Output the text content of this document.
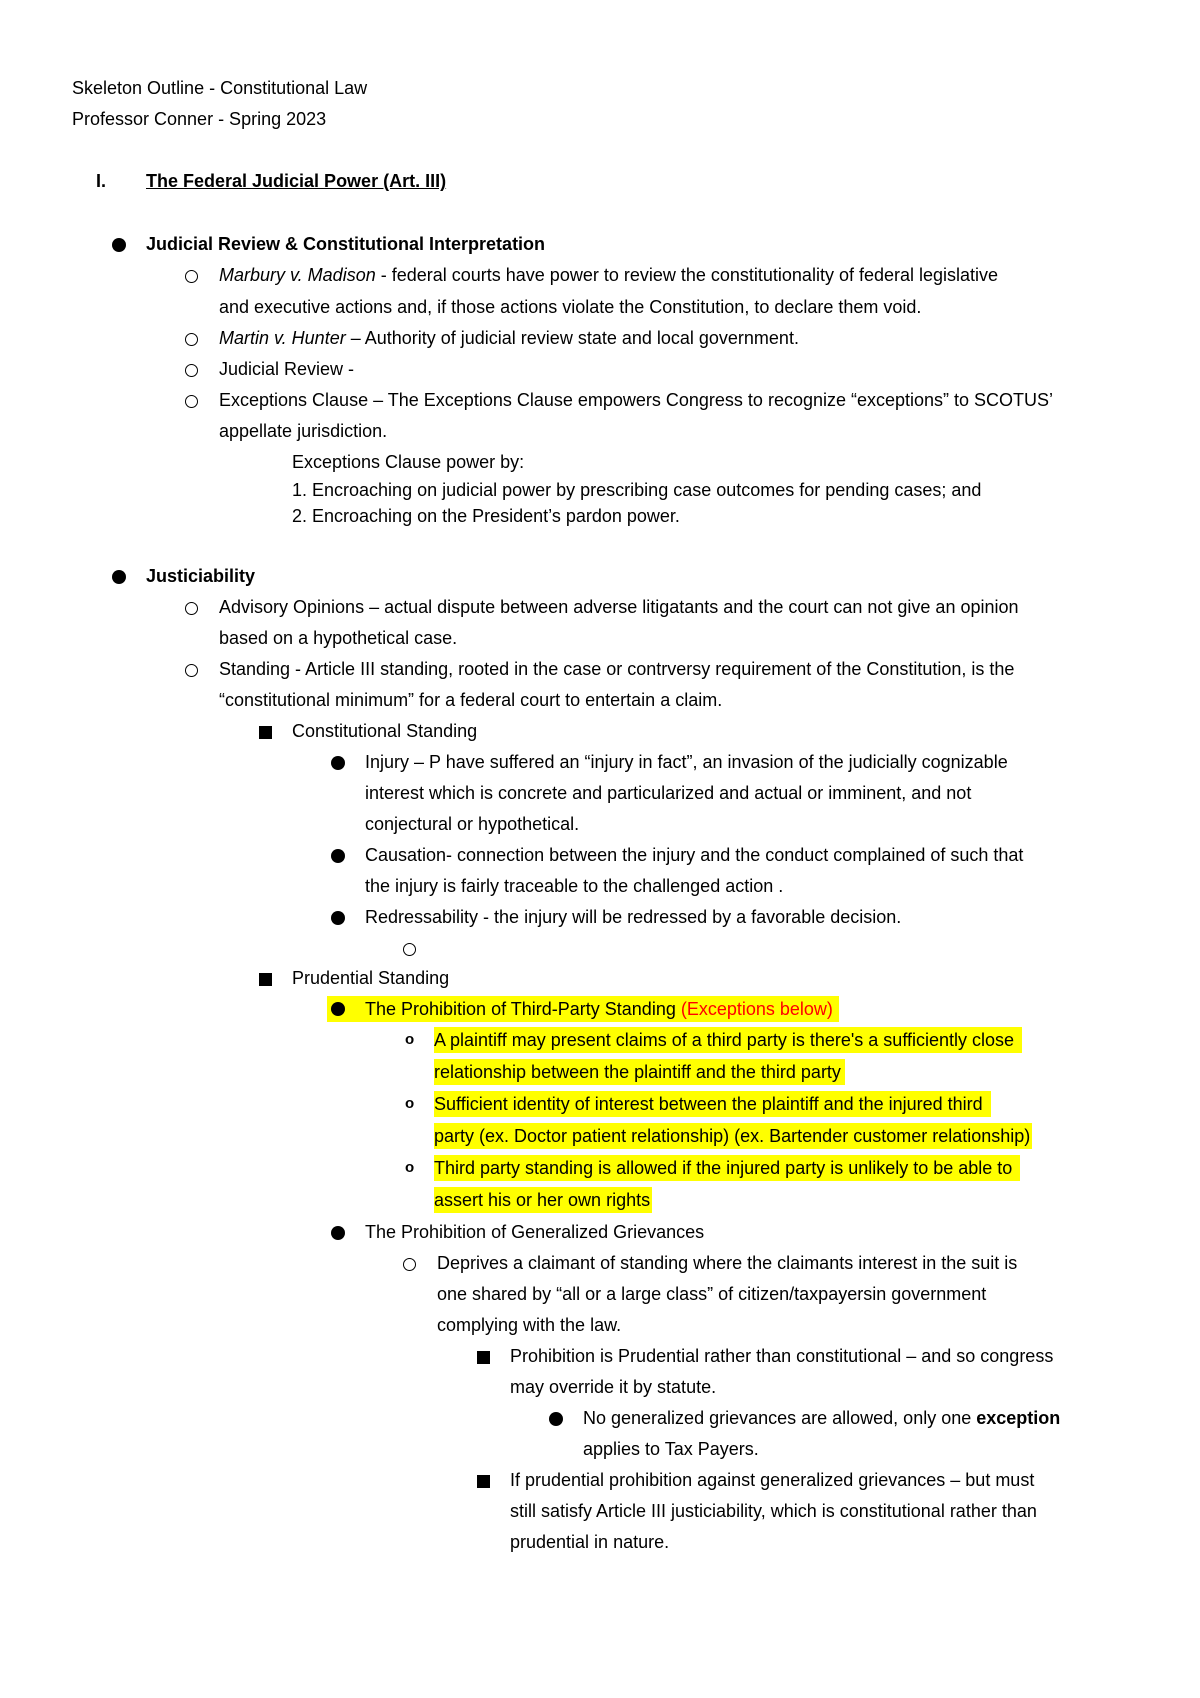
Skeleton Outline - Constitutional Law
Professor Conner - Spring 2023
I. The Federal Judicial Power (Art. III)
Judicial Review & Constitutional Interpretation
Marbury v. Madison - federal courts have power to review the constitutionality of federal legislative
and executive actions and, if those actions violate the Constitution, to declare them void.
Martin v. Hunter – Authority of judicial review state and local government.
Judicial Review -
Exceptions Clause – The Exceptions Clause empowers Congress to recognize “exceptions” to SCOTUS’
appellate jurisdiction.
Exceptions Clause power by:
1. Encroaching on judicial power by prescribing case outcomes for pending cases; and
2. Encroaching on the President’s pardon power.
Justiciability
Advisory Opinions – actual dispute between adverse litigatants and the court can not give an opinion
based on a hypothetical case.
Standing - Article III standing, rooted in the case or contrversy requirement of the Constitution, is the
“constitutional minimum” for a federal court to entertain a claim.
Constitutional Standing
Injury – P have suffered an “injury in fact”, an invasion of the judicially cognizable
interest which is concrete and particularized and actual or imminent, and not
conjectural or hypothetical.
Causation- connection between the injury and the conduct complained of such that
the injury is fairly traceable to the challenged action .
Redressability - the injury will be redressed by a favorable decision.
Prudential Standing
The Prohibition of Third-Party Standing (Exceptions below)
o A plaintiff may present claims of a third party is there's a sufficiently close
relationship between the plaintiff and the third party
o Sufficient identity of interest between the plaintiff and the injured third
party (ex. Doctor patient relationship) (ex. Bartender customer relationship)
o Third party standing is allowed if the injured party is unlikely to be able to
assert his or her own rights
The Prohibition of Generalized Grievances
Deprives a claimant of standing where the claimants interest in the suit is
one shared by “all or a large class” of citizen/taxpayersin government
complying with the law.
Prohibition is Prudential rather than constitutional – and so congress
may override it by statute.
No generalized grievances are allowed, only one exception
applies to Tax Payers.
If prudential prohibition against generalized grievances – but must
still satisfy Article III justiciability, which is constitutional rather than
prudential in nature.
